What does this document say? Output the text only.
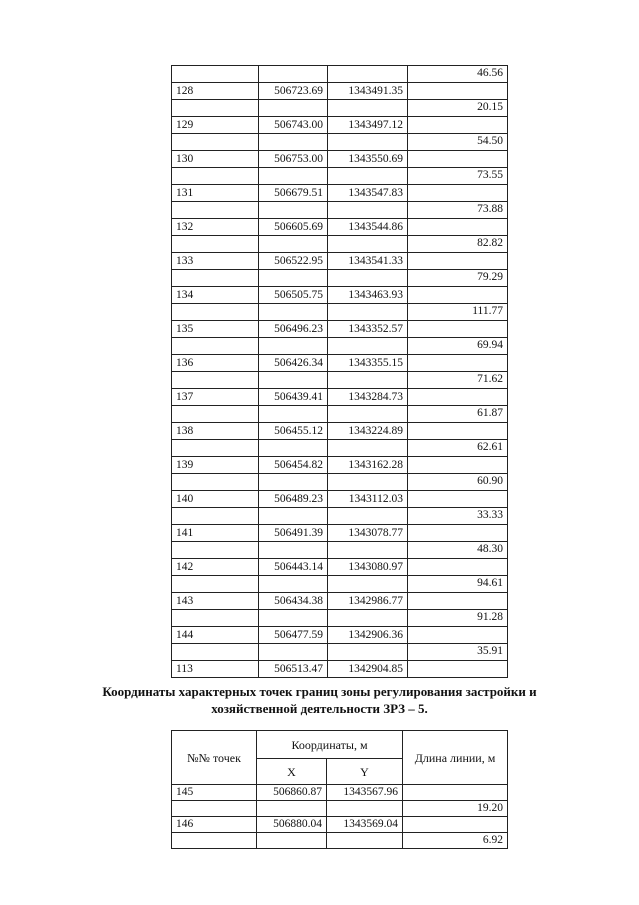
			46.56
128	506723.69	1343491.35	
			20.15
129	506743.00	1343497.12	
			54.50
130	506753.00	1343550.69	
			73.55
131	506679.51	1343547.83	
			73.88
132	506605.69	1343544.86	
			82.82
133	506522.95	1343541.33	
			79.29
134	506505.75	1343463.93	
			111.77
135	506496.23	1343352.57	
			69.94
136	506426.34	1343355.15	
			71.62
137	506439.41	1343284.73	
			61.87
138	506455.12	1343224.89	
			62.61
139	506454.82	1343162.28	
			60.90
140	506489.23	1343112.03	
			33.33
141	506491.39	1343078.77	
			48.30
142	506443.14	1343080.97	
			94.61
143	506434.38	1342986.77	
			91.28
144	506477.59	1342906.36	
			35.91
113	506513.47	1342904.85	
Координаты характерных точек границ зоны регулирования застройки и
хозяйственной деятельности ЗРЗ – 5.
№№ точек	Координаты, м		Длина линии, м
	X	Y	
145	506860.87	1343567.96	
			19.20
146	506880.04	1343569.04	
			6.92
